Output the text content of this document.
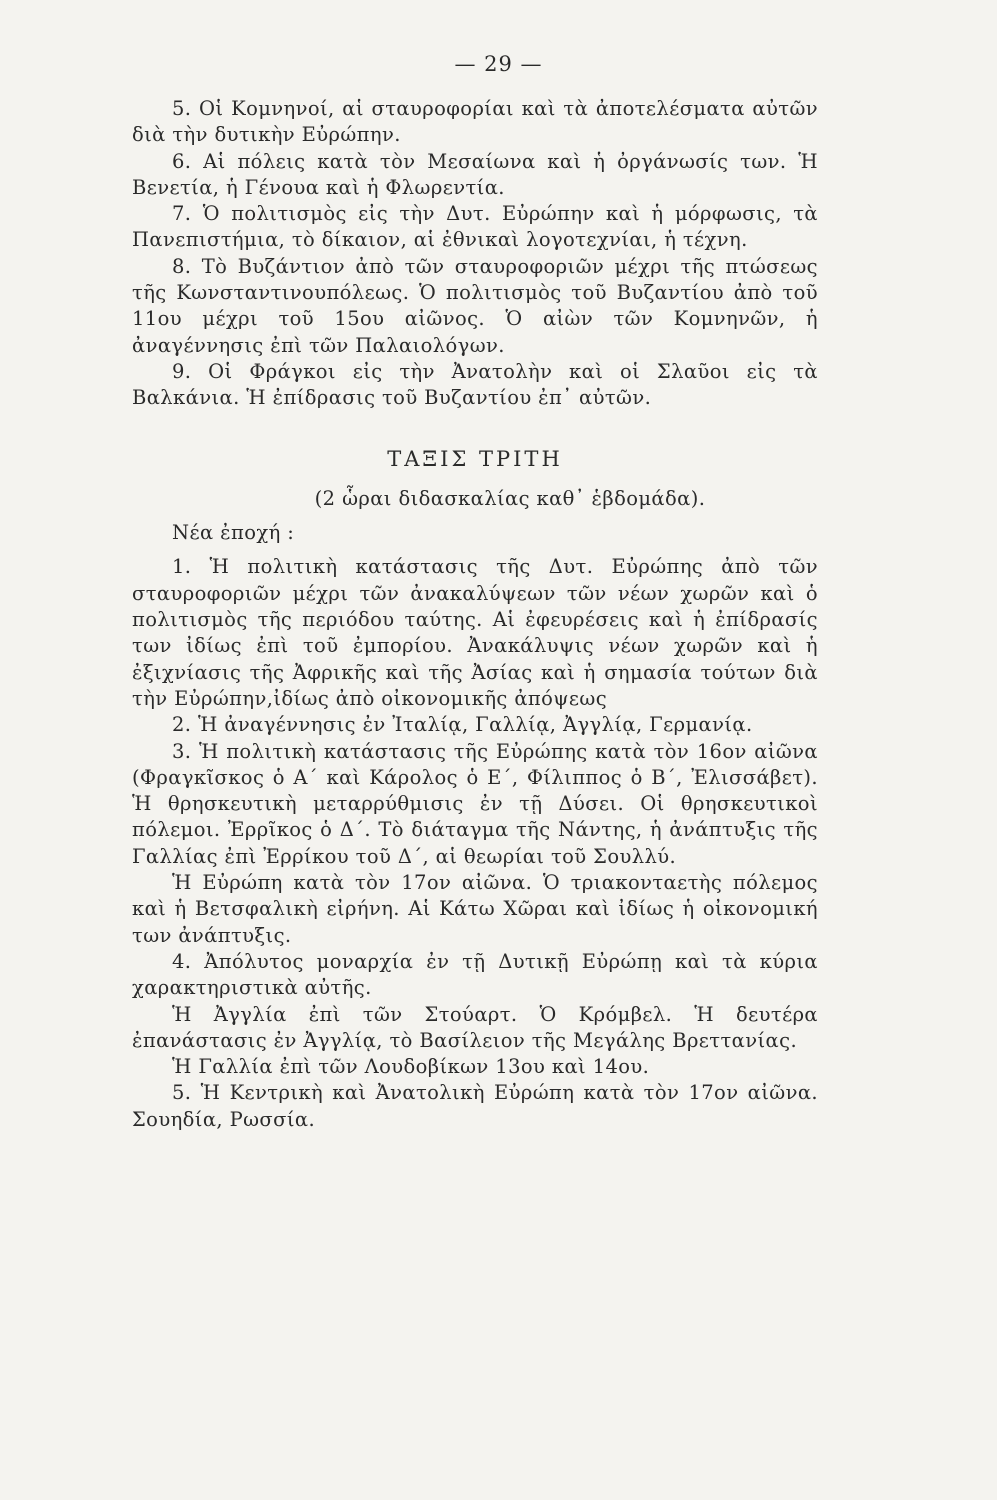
— 29 —

5. Οἱ Κομνηνοί, αἱ σταυροφορίαι καὶ τὰ ἀποτελέσματα αὐτῶν διὰ τὴν δυτικὴν Εὐρώπην.

6. Αἱ πόλεις κατὰ τὸν Μεσαίωνα καὶ ἡ ὀργάνωσίς των. Ἡ Βενετία, ἡ Γένουα καὶ ἡ Φλωρεντία.

7. Ὁ πολιτισμὸς εἰς τὴν Δυτ. Εὐρώπην καὶ ἡ μόρφωσις, τὰ Πανεπιστήμια, τὸ δίκαιον, αἱ ἐθνικαὶ λογοτεχνίαι, ἡ τέχνη.

8. Τὸ Βυζάντιον ἀπὸ τῶν σταυροφοριῶν μέχρι τῆς πτώσεως τῆς Κωνσταντινουπόλεως. Ὁ πολιτισμὸς τοῦ Βυζαντίου ἀπὸ τοῦ 11ου μέχρι τοῦ 15ου αἰῶνος. Ὁ αἰὼν τῶν Κομνηνῶν, ἡ ἀναγέννησις ἐπὶ τῶν Παλαιολόγων.

9. Οἱ Φράγκοι εἰς τὴν Ἀνατολὴν καὶ οἱ Σλαῦοι εἰς τὰ Βαλκάνια. Ἡ ἐπίδρασις τοῦ Βυζαντίου ἐπ᾽ αὐτῶν.

ΤΑΞΙΣ ΤΡΙΤΗ

(2 ὧραι διδασκαλίας καθ᾽ ἑβδομάδα).

Νέα ἐποχή :

1. Ἡ πολιτικὴ κατάστασις τῆς Δυτ. Εὐρώπης ἀπὸ τῶν σταυροφοριῶν μέχρι τῶν ἀνακαλύψεων τῶν νέων χωρῶν καὶ ὁ πολιτισμὸς τῆς περιόδου ταύτης. Αἱ ἐφευρέσεις καὶ ἡ ἐπίδρασίς των ἰδίως ἐπὶ τοῦ ἐμπορίου. Ἀνακάλυψις νέων χωρῶν καὶ ἡ ἐξιχνίασις τῆς Ἀφρικῆς καὶ τῆς Ἀσίας καὶ ἡ σημασία τούτων διὰ τὴν Εὐρώπην,ἰδίως ἀπὸ οἰκονομικῆς ἀπόψεως

2. Ἡ ἀναγέννησις ἐν Ἰταλίᾳ, Γαλλίᾳ, Ἀγγλίᾳ, Γερμανίᾳ.

3. Ἡ πολιτικὴ κατάστασις τῆς Εὐρώπης κατὰ τὸν 16ον αἰῶνα (Φραγκῖσκος ὁ Α΄ καὶ Κάρολος ὁ Ε΄, Φίλιππος ὁ Β΄, Ἐλισσάβετ). Ἡ θρησκευτικὴ μεταρρύθμισις ἐν τῇ Δύσει. Οἱ θρησκευτικοὶ πόλεμοι. Ἐρρῖκος ὁ Δ΄. Τὸ διάταγμα τῆς Νάντης, ἡ ἀνάπτυξις τῆς Γαλλίας ἐπὶ Ἐρρίκου τοῦ Δ΄, αἱ θεωρίαι τοῦ Σουλλύ.

Ἡ Εὐρώπη κατὰ τὸν 17ον αἰῶνα. Ὁ τριακονταετὴς πόλεμος καὶ ἡ Βετσφαλικὴ εἰρήνη. Αἱ Κάτω Χῶραι καὶ ἰδίως ἡ οἰκονομική των ἀνάπτυξις.

4. Ἀπόλυτος μοναρχία ἐν τῇ Δυτικῇ Εὐρώπῃ καὶ τὰ κύρια χαρακτηριστικὰ αὐτῆς.

Ἡ Ἀγγλία ἐπὶ τῶν Στούαρτ. Ὁ Κρόμβελ. Ἡ δευτέρα ἐπανάστασις ἐν Ἀγγλίᾳ, τὸ Βασίλειον τῆς Μεγάλης Βρεττανίας.

Ἡ Γαλλία ἐπὶ τῶν Λουδοβίκων 13ου καὶ 14ου.

5. Ἡ Κεντρικὴ καὶ Ἀνατολικὴ Εὐρώπη κατὰ τὸν 17ον αἰῶνα. Σουηδία, Ρωσσία.
